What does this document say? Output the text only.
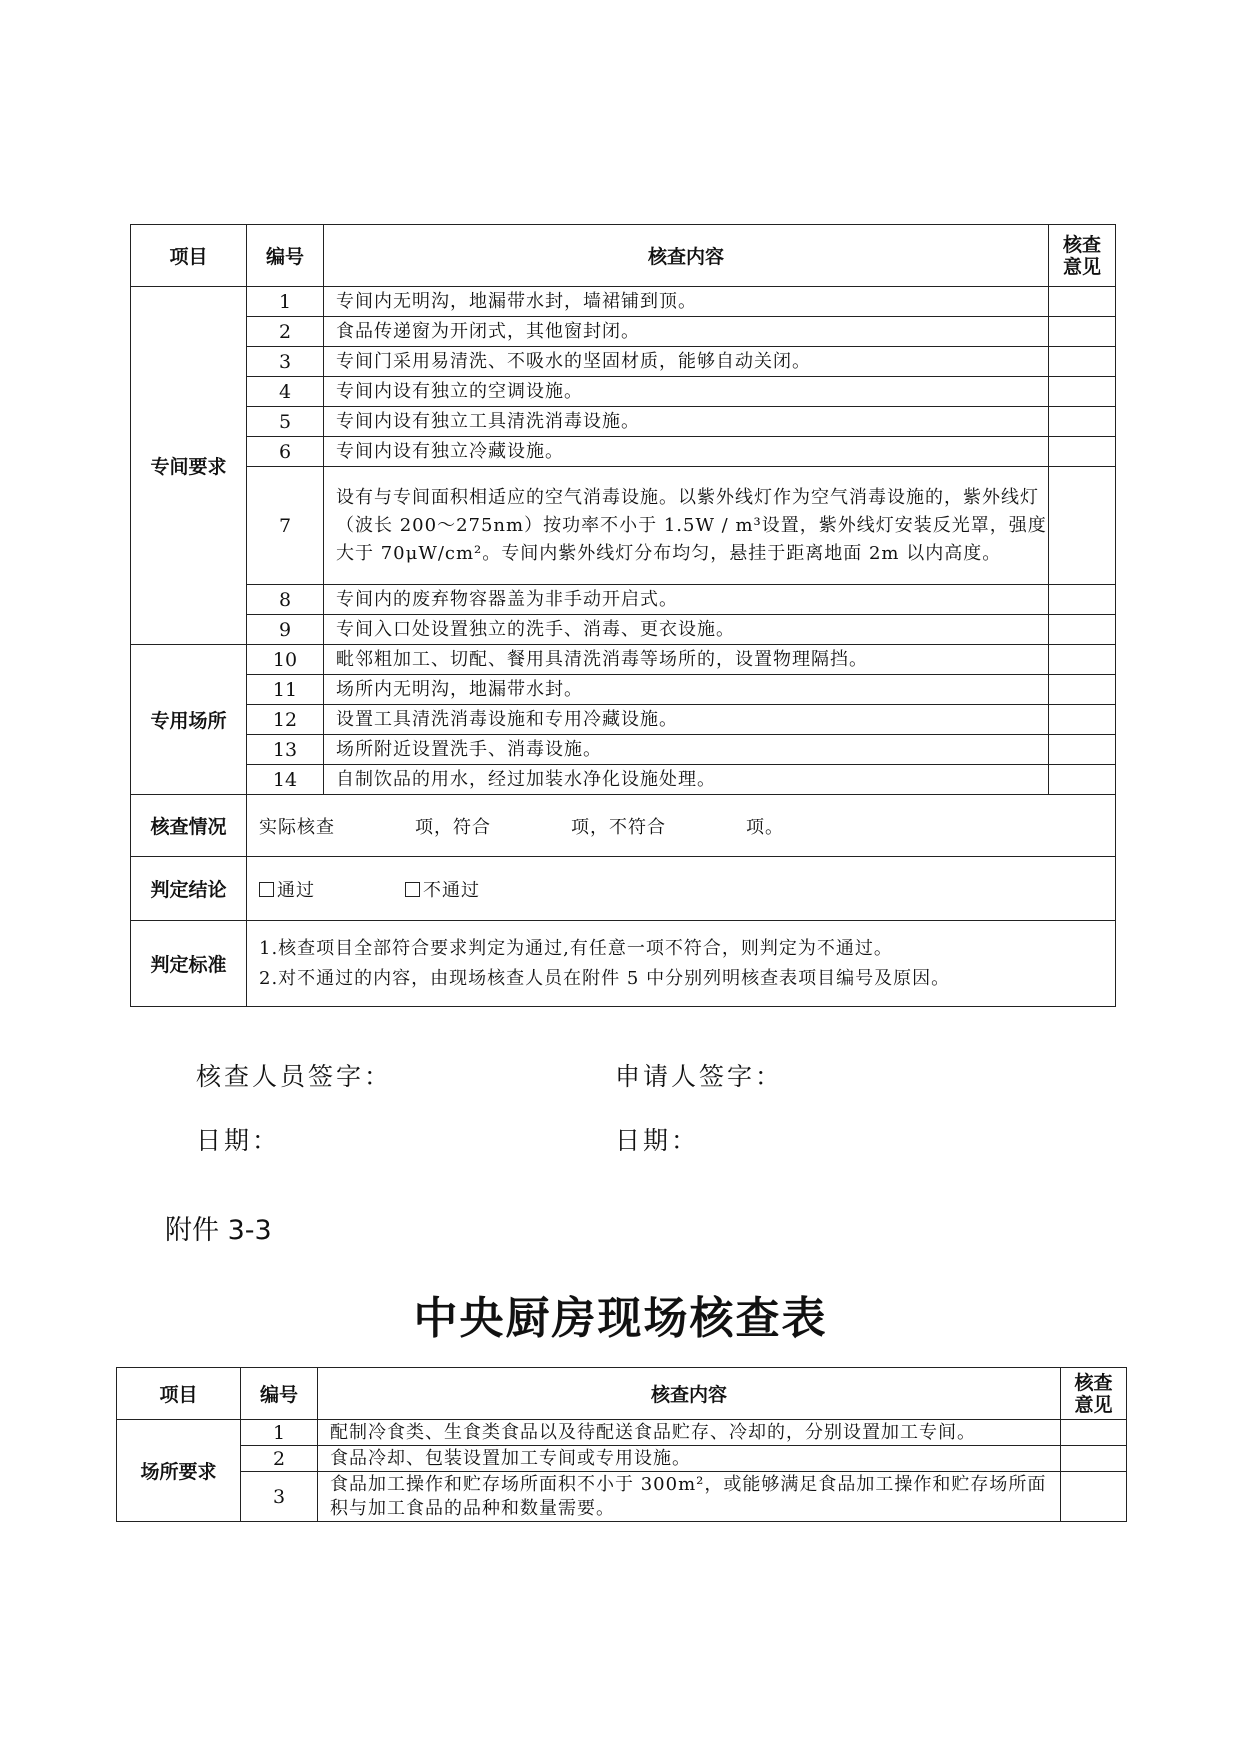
项目	编号	核查内容	核查
意见
专间要求	1	专间内无明沟，地漏带水封，墙裙铺到顶。	
	2	食品传递窗为开闭式，其他窗封闭。	
	3	专间门采用易清洗、不吸水的坚固材质，能够自动关闭。	
	4	专间内设有独立的空调设施。	
	5	专间内设有独立工具清洗消毒设施。	
	6	专间内设有独立冷藏设施。	
	7	设有与专间面积相适应的空气消毒设施。以紫外线灯作为空气消毒设施的，紫外线灯（波长 200～275nm）按功率不小于 1.5W / m³设置，紫外线灯安装反光罩，强度大于 70μW/cm²。专间内紫外线灯分布均匀，悬挂于距离地面 2m 以内高度。	
	8	专间内的废弃物容器盖为非手动开启式。	
	9	专间入口处设置独立的洗手、消毒、更衣设施。	
专用场所	10	毗邻粗加工、切配、餐用具清洗消毒等场所的，设置物理隔挡。	
	11	场所内无明沟，地漏带水封。	
	12	设置工具清洗消毒设施和专用冷藏设施。	
	13	场所附近设置洗手、消毒设施。	
	14	自制饮品的用水，经过加装水净化设施处理。	
核查情况	实际核查 项，符合 项，不符合 项。		
判定结论	通过 不通过		
判定标准	1.核查项目全部符合要求判定为通过,有任意一项不符合，则判定为不通过。
2.对不通过的内容，由现场核查人员在附件 5 中分别列明核查表项目编号及原因。		
核查人员签字：	申请人签字：
日期：	日期：
附件 3-3
中央厨房现场核查表
项目	编号	核查内容	核查
意见
场所要求	1	配制冷食类、生食类食品以及待配送食品贮存、冷却的，分别设置加工专间。	
	2	食品冷却、包装设置加工专间或专用设施。	
	3	食品加工操作和贮存场所面积不小于 300m²，或能够满足食品加工操作和贮存场所面积与加工食品的品种和数量需要。	
